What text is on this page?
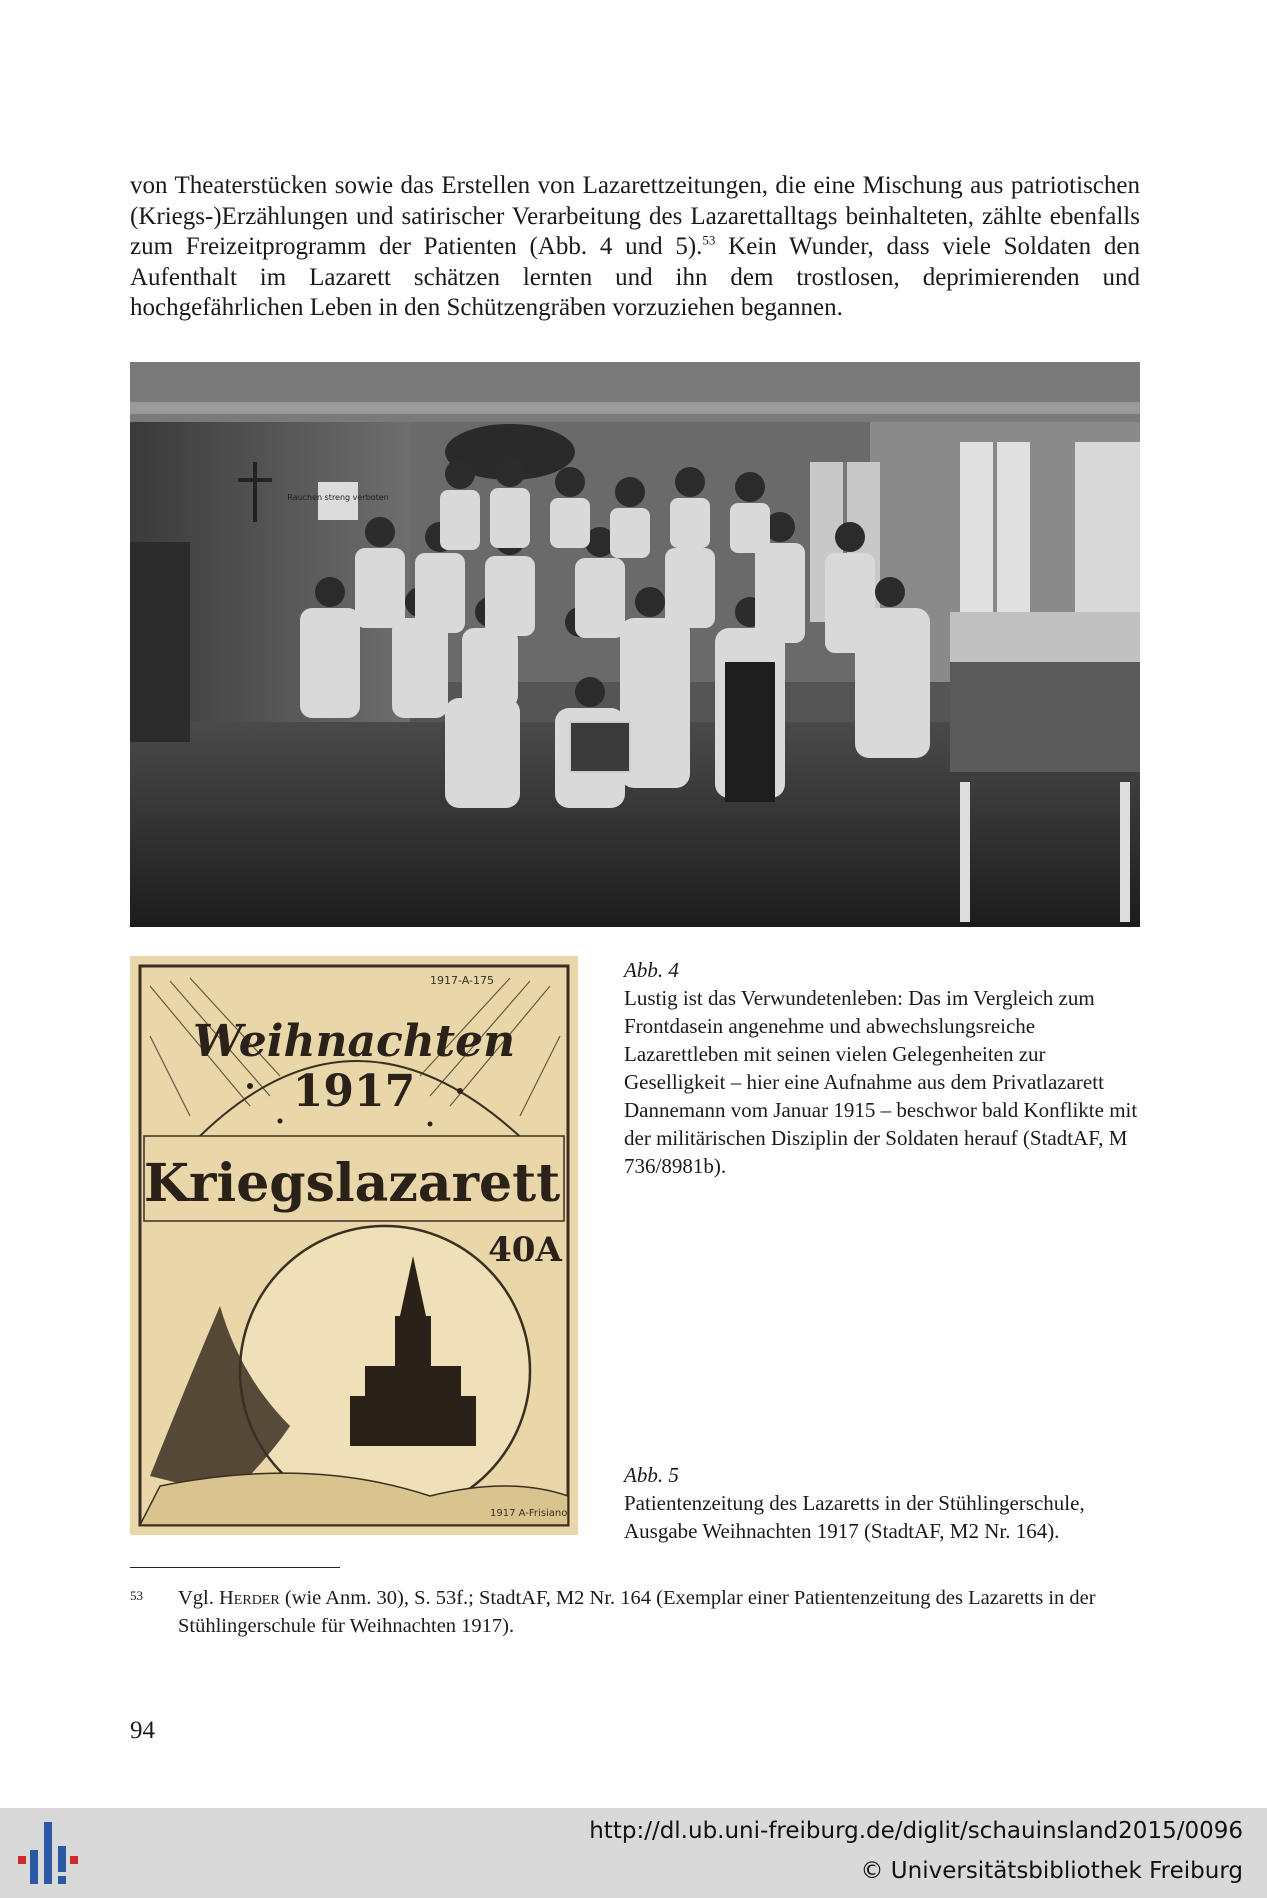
von Theaterstücken sowie das Erstellen von Lazarettzeitungen, die eine Mischung aus patriotischen (Kriegs-)Erzählungen und satirischer Verarbeitung des Lazarettalltags beinhalteten, zählte ebenfalls zum Freizeitprogramm der Patienten (Abb. 4 und 5).$^{53}$ Kein Wunder, dass viele Soldaten den Aufenthalt im Lazarett schätzen lernten und ihn dem trostlosen, deprimierenden und hochgefährlichen Leben in den Schützengräben vorzuziehen begannen.

Rauchen streng verboten
1917-A-175
Weihnachten
1917
Kriegslazarett
40A
1917 A-Frisiano

Abb. 4
Lustig ist das Verwundetenleben: Das im Vergleich zum Frontdasein angenehme und abwechslungsreiche Lazarettleben mit seinen vielen Gelegenheiten zur Geselligkeit – hier eine Aufnahme aus dem Privatlazarett Dannemann vom Januar 1915 – beschwor bald Konflikte mit der militärischen Disziplin der Soldaten herauf (StadtAF, M 736/8981b).

Abb. 5
Patientenzeitung des Lazaretts in der Stühlingerschule, Ausgabe Weihnachten 1917 (StadtAF, M2 Nr. 164).

53 Vgl. Herder (wie Anm. 30), S. 53f.; StadtAF, M2 Nr. 164 (Exemplar einer Patientenzeitung des Lazaretts in der Stühlingerschule für Weihnachten 1917).
94
http://dl.ub.uni-freiburg.de/diglit/schauinsland2015/0096
© Universitätsbibliothek Freiburg
